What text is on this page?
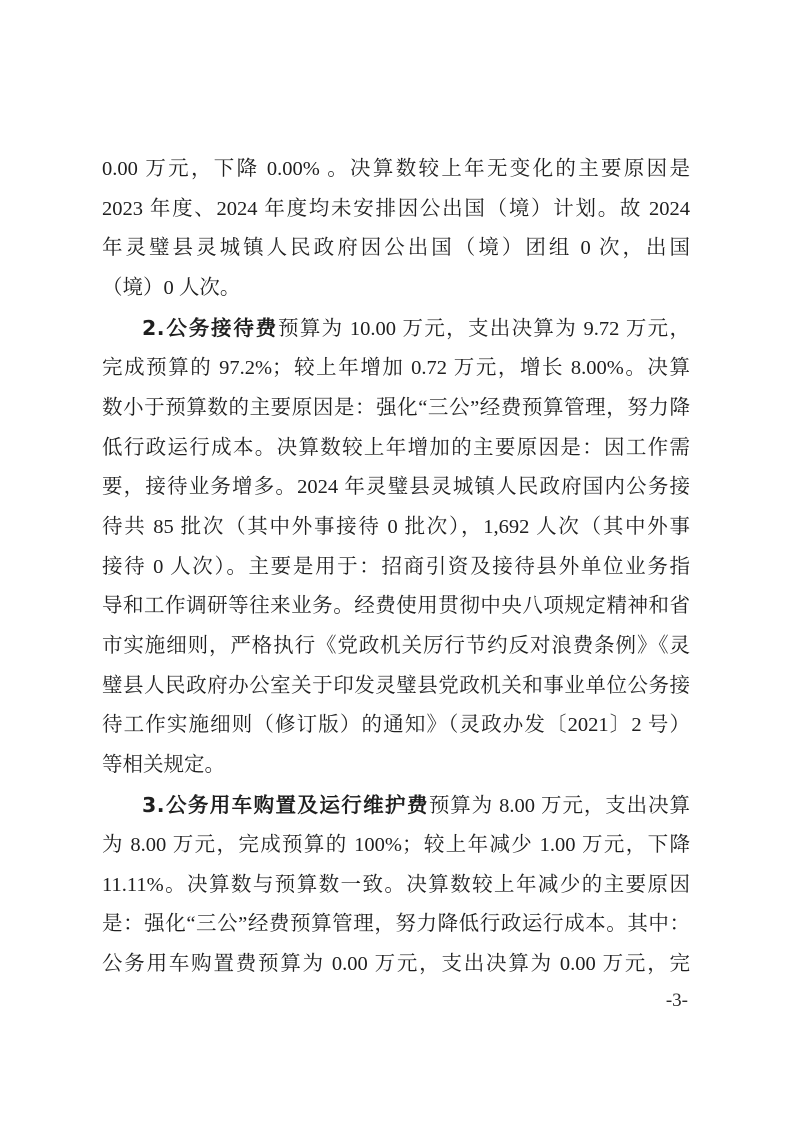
0.00 万元，下降 0.00% 。决算数较上年无变化的主要原因是
2023 年度、2024 年度均未安排因公出国（境）计划。故 2024
年灵璧县灵城镇人民政府因公出国（境）团组 0 次，出国
（境）0 人次。
2.公务接待费预算为 10.00 万元，支出决算为 9.72 万元，
完成预算的 97.2%；较上年增加 0.72 万元，增长 8.00%。决算
数小于预算数的主要原因是：强化“三公”经费预算管理，努力降
低行政运行成本。决算数较上年增加的主要原因是：因工作需
要，接待业务增多。2024 年灵璧县灵城镇人民政府国内公务接
待共 85 批次（其中外事接待 0 批次），1,692 人次（其中外事
接待 0 人次）。主要是用于：招商引资及接待县外单位业务指
导和工作调研等往来业务。经费使用贯彻中央八项规定精神和省
市实施细则，严格执行《党政机关厉行节约反对浪费条例》《灵
璧县人民政府办公室关于印发灵璧县党政机关和事业单位公务接
待工作实施细则（修订版）的通知》（灵政办发〔2021〕2 号）
等相关规定。
3.公务用车购置及运行维护费预算为 8.00 万元，支出决算
为 8.00 万元，完成预算的 100%；较上年减少 1.00 万元，下降
11.11%。决算数与预算数一致。决算数较上年减少的主要原因
是：强化“三公”经费预算管理，努力降低行政运行成本。其中：
公务用车购置费预算为 0.00 万元，支出决算为 0.00 万元，完
-3-
